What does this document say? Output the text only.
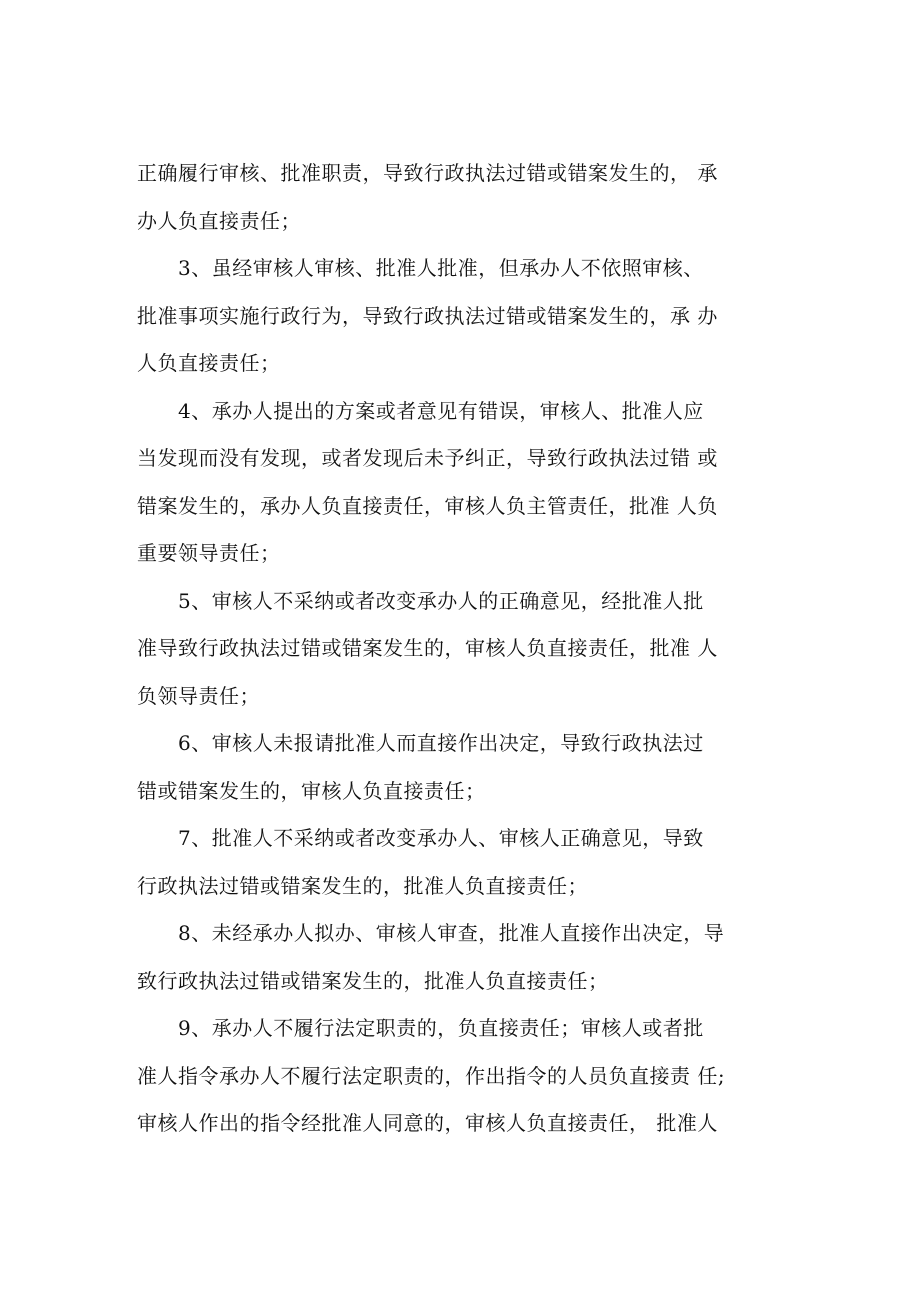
正确履行审核、批准职责，导致行政执法过错或错案发生的， 承
办人负直接责任；
3、虽经审核人审核、批准人批准，但承办人不依照审核、
批准事项实施行政行为，导致行政执法过错或错案发生的，承 办
人负直接责任；
4、承办人提出的方案或者意见有错误，审核人、批准人应
当发现而没有发现，或者发现后未予纠正，导致行政执法过错 或
错案发生的，承办人负直接责任，审核人负主管责任，批准 人负
重要领导责任；
5、审核人不采纳或者改变承办人的正确意见，经批准人批
准导致行政执法过错或错案发生的，审核人负直接责任，批准 人
负领导责任；
6、审核人未报请批准人而直接作出决定，导致行政执法过
错或错案发生的，审核人负直接责任；
7、批准人不采纳或者改变承办人、审核人正确意见，导致
行政执法过错或错案发生的，批准人负直接责任；
8、未经承办人拟办、审核人审查，批准人直接作出决定，导
致行政执法过错或错案发生的，批准人负直接责任；
9、承办人不履行法定职责的，负直接责任；审核人或者批
准人指令承办人不履行法定职责的，作出指令的人员负直接责 任;
审核人作出的指令经批准人同意的，审核人负直接责任， 批准人
